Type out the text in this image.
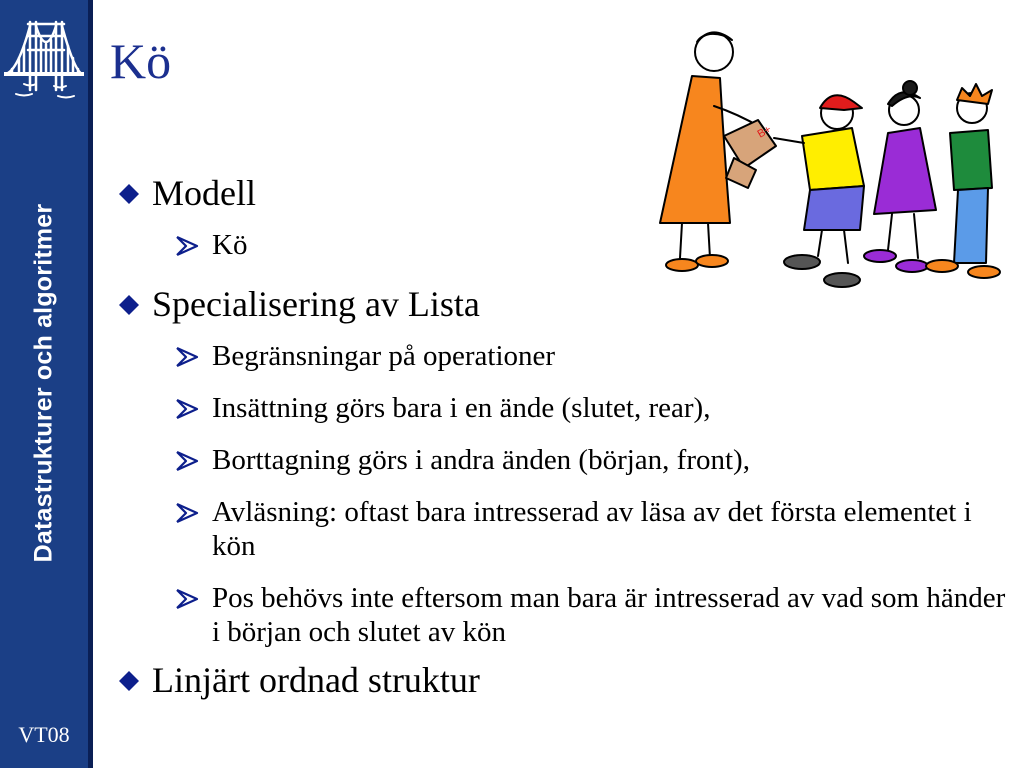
Datastrukturer och algoritmer
VT08
Kö
B+
Modell
Kö
Specialisering av Lista
Begränsningar på operationer
Insättning görs bara i en ände (slutet, rear),
Borttagning görs i andra änden (början, front),
Avläsning: oftast bara intresserad av läsa av det första elementet i kön
Pos behövs inte eftersom man bara är intresserad av vad som händer i början och slutet av kön
Linjärt ordnad struktur
